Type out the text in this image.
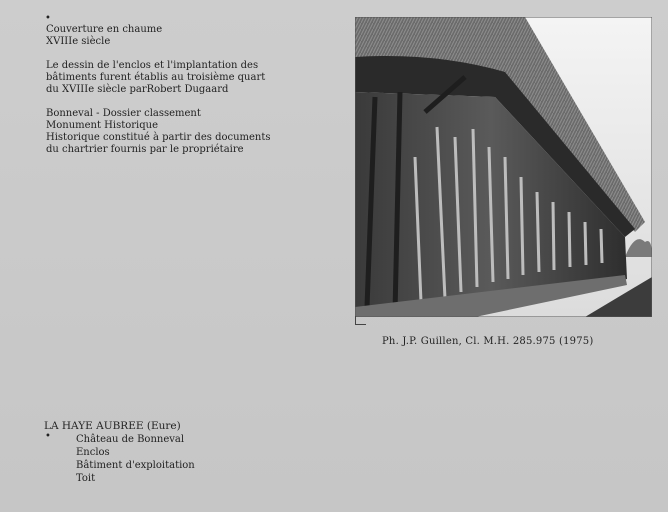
•

Couverture en chaume

XVIIIe siècle

Le dessin de l'enclos et l'implantation des

bâtiments furent établis au troisième quart

du XVIIIe siècle parRobert Dugaard

Bonneval - Dossier classement

Monument Historique

Historique constitué à partir des documents

du chartrier fournis par le propriétaire

Ph. J.P. Guillen, Cl. M.H. 285.975 (1975)
LA HAYE AUBREE (Eure)
•	Château de Bonneval

Enclos

Bâtiment d'exploitation

Toit
